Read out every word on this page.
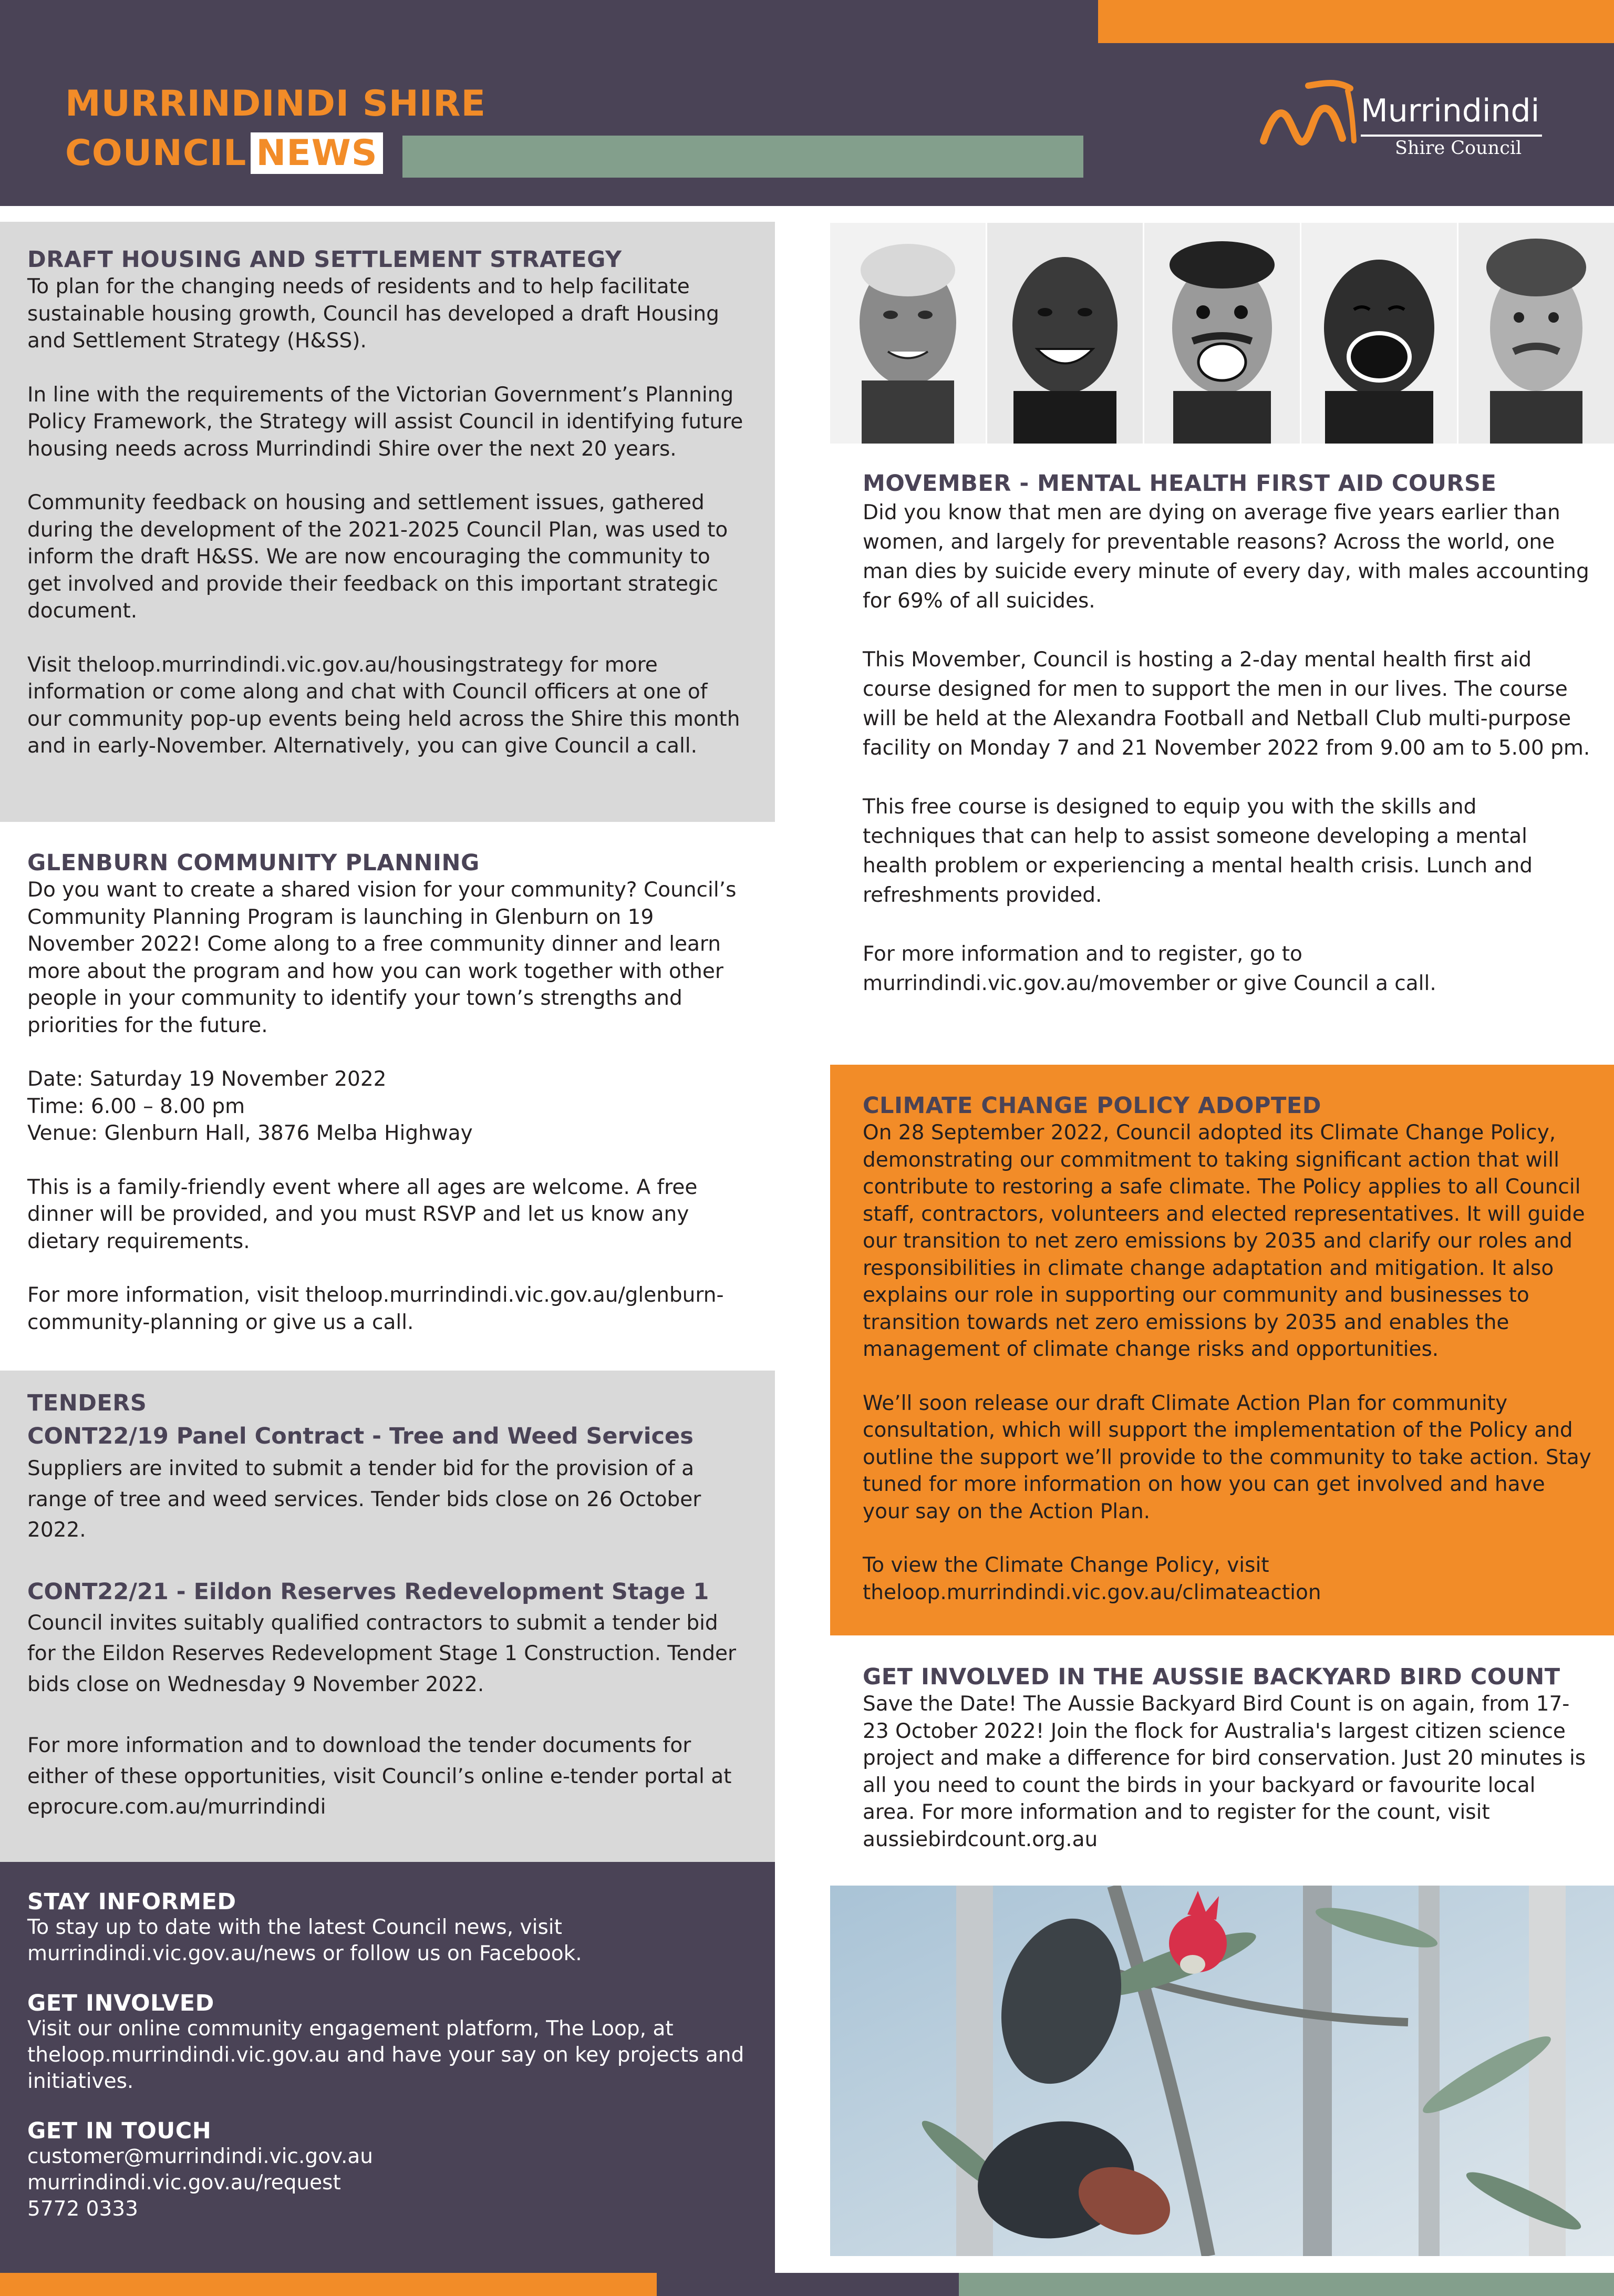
MURRINDINDI SHIRE
COUNCIL NEWS
Murrindindi
Shire Council
DRAFT HOUSING AND SETTLEMENT STRATEGY

To plan for the changing needs of residents and to help facilitate sustainable housing growth, Council has developed a draft Housing and Settlement Strategy (H&SS).

In line with the requirements of the Victorian Government’s Planning Policy Framework, the Strategy will assist Council in identifying future housing needs across Murrindindi Shire over the next 20 years.

Community feedback on housing and settlement issues, gathered during the development of the 2021-2025 Council Plan, was used to inform the draft H&SS. We are now encouraging the community to get involved and provide their feedback on this important strategic document.

Visit theloop.murrindindi.vic.gov.au/housingstrategy for more information or come along and chat with Council officers at one of our community pop-up events being held across the Shire this month and in early-November. Alternatively, you can give Council a call.

GLENBURN COMMUNITY PLANNING

Do you want to create a shared vision for your community? Council’s Community Planning Program is launching in Glenburn on 19 November 2022! Come along to a free community dinner and learn more about the program and how you can work together with other people in your community to identify your town’s strengths and priorities for the future.

Date: Saturday 19 November 2022

Time: 6.00 – 8.00 pm

Venue: Glenburn Hall, 3876 Melba Highway

This is a family-friendly event where all ages are welcome. A free dinner will be provided, and you must RSVP and let us know any dietary requirements.

For more information, visit theloop.murrindindi.vic.gov.au/glenburn-community-planning or give us a call.

TENDERS
CONT22/19 Panel Contract - Tree and Weed Services

Suppliers are invited to submit a tender bid for the provision of a range of tree and weed services. Tender bids close on 26 October 2022.

CONT22/21 - Eildon Reserves Redevelopment Stage 1

Council invites suitably qualified contractors to submit a tender bid for the Eildon Reserves Redevelopment Stage 1 Construction. Tender bids close on Wednesday 9 November 2022.

For more information and to download the tender documents for either of these opportunities, visit Council’s online e-tender portal at eprocure.com.au/murrindindi

STAY INFORMED

To stay up to date with the latest Council news, visit murrindindi.vic.gov.au/news or follow us on Facebook.

GET INVOLVED

Visit our online community engagement platform, The Loop, at theloop.murrindindi.vic.gov.au and have your say on key projects and initiatives.

GET IN TOUCH

customer@murrindindi.vic.gov.au

murrindindi.vic.gov.au/request

5772 0333

MOVEMBER - MENTAL HEALTH FIRST AID COURSE

Did you know that men are dying on average five years earlier than women, and largely for preventable reasons? Across the world, one man dies by suicide every minute of every day, with males accounting for 69% of all suicides.

This Movember, Council is hosting a 2-day mental health first aid course designed for men to support the men in our lives. The course will be held at the Alexandra Football and Netball Club multi-purpose facility on Monday 7 and 21 November 2022 from 9.00 am to 5.00 pm.

This free course is designed to equip you with the skills and techniques that can help to assist someone developing a mental health problem or experiencing a mental health crisis. Lunch and refreshments provided.

For more information and to register, go to murrindindi.vic.gov.au/movember or give Council a call.

CLIMATE CHANGE POLICY ADOPTED

On 28 September 2022, Council adopted its Climate Change Policy, demonstrating our commitment to taking significant action that will contribute to restoring a safe climate. The Policy applies to all Council staff, contractors, volunteers and elected representatives. It will guide our transition to net zero emissions by 2035 and clarify our roles and responsibilities in climate change adaptation and mitigation. It also explains our role in supporting our community and businesses to transition towards net zero emissions by 2035 and enables the management of climate change risks and opportunities.

We’ll soon release our draft Climate Action Plan for community consultation, which will support the implementation of the Policy and outline the support we’ll provide to the community to take action. Stay tuned for more information on how you can get involved and have your say on the Action Plan.

To view the Climate Change Policy, visit theloop.murrindindi.vic.gov.au/climateaction

GET INVOLVED IN THE AUSSIE BACKYARD BIRD COUNT

Save the Date! The Aussie Backyard Bird Count is on again, from 17-23 October 2022! Join the flock for Australia's largest citizen science project and make a difference for bird conservation. Just 20 minutes is all you need to count the birds in your backyard or favourite local area. For more information and to register for the count, visit aussiebirdcount.org.au
